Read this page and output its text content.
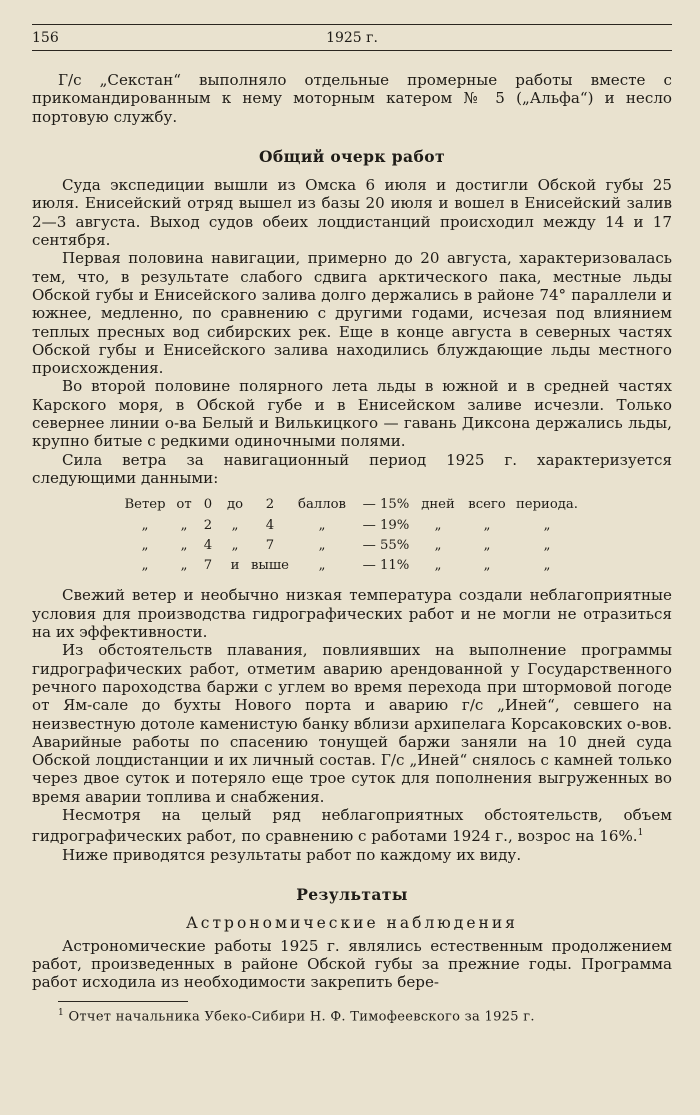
156	1925 г.

Г/с „Секстан“ выполняло отдельные промерные работы вместе с прикомандированным к нему моторным катером № 5 („Альфа“) и несло портовую службу.

Общий очерк работ

Суда экспедиции вышли из Омска 6 июля и достигли Обской губы 25 июля. Енисейский отряд вышел из базы 20 июля и вошел в Енисейский залив 2—3 августа. Выход судов обеих лоцдистанций происходил между 14 и 17 сентября.

Первая половина навигации, примерно до 20 августа, характеризовалась тем, что, в результате слабого сдвига арктического пака, местные льды Обской губы и Енисейского залива долго держались в районе 74° параллели и южнее, медленно, по сравнению с другими годами, исчезая под влиянием теплых пресных вод сибирских рек. Еще в конце августа в северных частях Обской губы и Енисейского залива находились блуждающие льды местного происхождения.

Во второй половине полярного лета льды в южной и в средней частях Карского моря, в Обской губе и в Енисейском заливе исчезли. Только севернее линии о-ва Белый и Вилькицкого — гавань Диксона держались льды, крупно битые с редкими одиночными полями.

Сила ветра за навигационный период 1925 г. характеризуется следующими данными:

Ветер	от	0	до	2	баллов	— 15%	дней	всего	периода.
„	„	2	„	4	„	— 19%	„	„	„
„	„	4	„	7	„	— 55%	„	„	„
„	„	7	и	выше	„	— 11%	„	„	„

Свежий ветер и необычно низкая температура создали неблагоприятные условия для производства гидрографических работ и не могли не отразиться на их эффективности.

Из обстоятельств плавания, повлиявших на выполнение программы гидрографических работ, отметим аварию арендованной у Государственного речного пароходства баржи с углем во время перехода при штормовой погоде от Ям-сале до бухты Нового порта и аварию г/с „Иней“, севшего на неизвестную дотоле каменистую банку вблизи архипелага Корсаковских о-вов. Аварийные работы по спасению тонущей баржи заняли на 10 дней суда Обской лоцдистанции и их личный состав. Г/с „Иней“ снялось с камней только через двое суток и потеряло еще трое суток для пополнения выгруженных во время аварии топлива и снабжения.

Несмотря на целый ряд неблагоприятных обстоятельств, объем гидрографических работ, по сравнению с работами 1924 г., возрос на 16%.$^1$

Ниже приводятся результаты работ по каждому их виду.

Результаты
Астрономические наблюдения

Астрономические работы 1925 г. являлись естественным продолжением работ, произведенных в районе Обской губы за прежние годы. Программа работ исходила из необходимости закрепить бере-

$^1$ Отчет начальника Убеко-Сибири Н. Ф. Тимофеевского за 1925 г.
